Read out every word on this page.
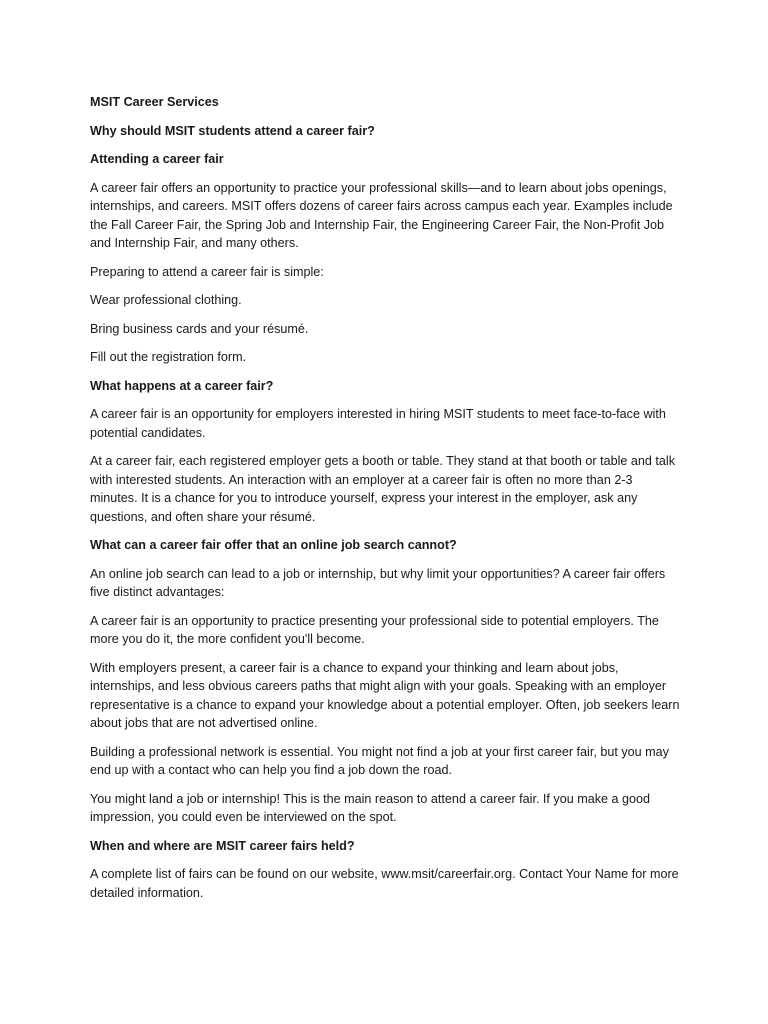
MSIT Career Services
Why should MSIT students attend a career fair?
Attending a career fair

A career fair offers an opportunity to practice your professional skills—and to learn about jobs openings, internships, and careers. MSIT offers dozens of career fairs across campus each year. Examples include the Fall Career Fair, the Spring Job and Internship Fair, the Engineering Career Fair, the Non-Profit Job and Internship Fair, and many others.

Preparing to attend a career fair is simple:

Wear professional clothing.

Bring business cards and your résumé.

Fill out the registration form.

What happens at a career fair?

A career fair is an opportunity for employers interested in hiring MSIT students to meet face-to-face with potential candidates.

At a career fair, each registered employer gets a booth or table. They stand at that booth or table and talk with interested students. An interaction with an employer at a career fair is often no more than 2-3 minutes. It is a chance for you to introduce yourself, express your interest in the employer, ask any questions, and often share your résumé.

What can a career fair offer that an online job search cannot?

An online job search can lead to a job or internship, but why limit your opportunities? A career fair offers five distinct advantages:

A career fair is an opportunity to practice presenting your professional side to potential employers. The more you do it, the more confident you'll become.

With employers present, a career fair is a chance to expand your thinking and learn about jobs, internships, and less obvious careers paths that might align with your goals. Speaking with an employer representative is a chance to expand your knowledge about a potential employer. Often, job seekers learn about jobs that are not advertised online.

Building a professional network is essential. You might not find a job at your first career fair, but you may end up with a contact who can help you find a job down the road.

You might land a job or internship! This is the main reason to attend a career fair. If you make a good impression, you could even be interviewed on the spot.

When and where are MSIT career fairs held?

A complete list of fairs can be found on our website, www.msit/careerfair.org. Contact Your Name for more detailed information.
